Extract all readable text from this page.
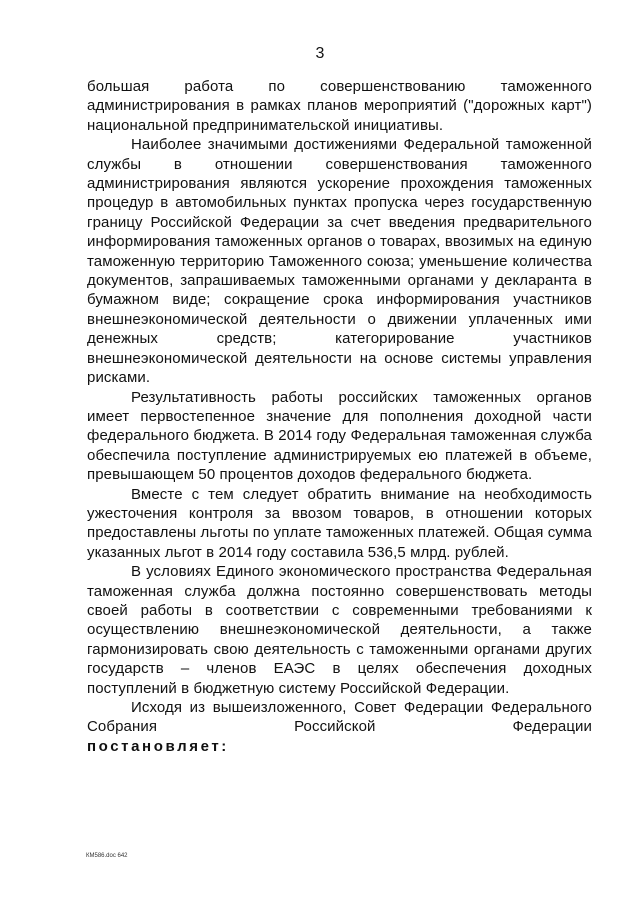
3

большая работа по совершенствованию таможенного администрирования в рамках планов мероприятий ("дорожных карт") национальной предпринимательской инициативы.

Наиболее значимыми достижениями Федеральной таможенной службы в отношении совершенствования таможенного администрирования являются ускорение прохождения таможенных процедур в автомобильных пунктах пропуска через государственную границу Российской Федерации за счет введения предварительного информирования таможенных органов о товарах, ввозимых на единую таможенную территорию Таможенного союза; уменьшение количества документов, запрашиваемых таможенными органами у декларанта в бумажном виде; сокращение срока информирования участников внешнеэкономической деятельности о движении уплаченных ими денежных средств; категорирование участников внешнеэкономической деятельности на основе системы управления рисками.

Результативность работы российских таможенных органов имеет первостепенное значение для пополнения доходной части федерального бюджета. В 2014 году Федеральная таможенная служба обеспечила поступление администрируемых ею платежей в объеме, превышающем 50 процентов доходов федерального бюджета.

Вместе с тем следует обратить внимание на необходимость ужесточения контроля за ввозом товаров, в отношении которых предоставлены льготы по уплате таможенных платежей. Общая сумма указанных льгот в 2014 году составила 536,5 млрд. рублей.

В условиях Единого экономического пространства Федеральная таможенная служба должна постоянно совершенствовать методы своей работы в соответствии с современными требованиями к осуществлению внешнеэкономической деятельности, а также гармонизировать свою деятельность с таможенными органами других государств – членов ЕАЭС в целях обеспечения доходных поступлений в бюджетную систему Российской Федерации.

Исходя из вышеизложенного, Совет Федерации Федерального Собрания Российской Федерации

постановляет:

КМ586.doc 642
